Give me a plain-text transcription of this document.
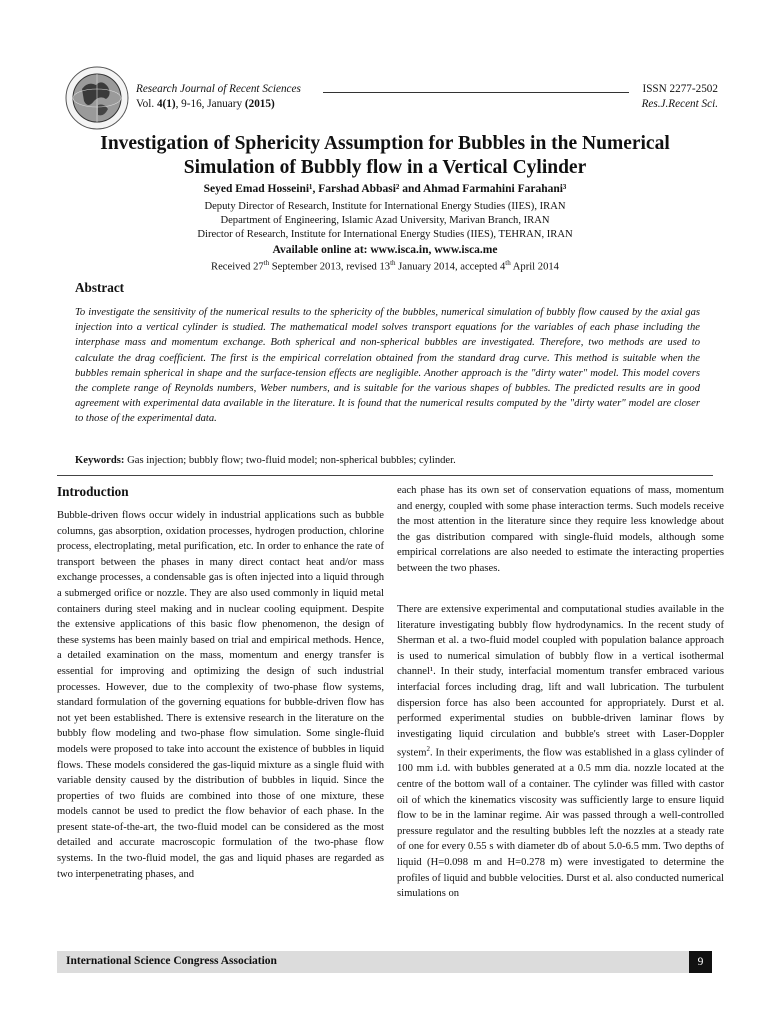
Research Journal of Recent Sciences
Vol. 4(1), 9-16, January (2015)
ISSN 2277-2502
Res.J.Recent Sci.
Investigation of Sphericity Assumption for Bubbles in the Numerical Simulation of Bubbly flow in a Vertical Cylinder
Seyed Emad Hosseini¹, Farshad Abbasi² and Ahmad Farmahini Farahani³
Deputy Director of Research, Institute for International Energy Studies (IIES), IRAN
Department of Engineering, Islamic Azad University, Marivan Branch, IRAN
Director of Research, Institute for International Energy Studies (IIES), TEHRAN, IRAN
Available online at: www.isca.in, www.isca.me
Received 27th September 2013, revised 13th January 2014, accepted 4th April 2014
Abstract
To investigate the sensitivity of the numerical results to the sphericity of the bubbles, numerical simulation of bubbly flow caused by the axial gas injection into a vertical cylinder is studied. The mathematical model solves transport equations for the variables of each phase including the interphase mass and momentum exchange. Both spherical and non-spherical bubbles are investigated. Therefore, two methods are used to calculate the drag coefficient. The first is the empirical correlation obtained from the standard drag curve. This method is suitable when the bubbles remain spherical in shape and the surface-tension effects are negligible. Another approach is the "dirty water" model. This model covers the complete range of Reynolds numbers, Weber numbers, and is suitable for the various shapes of bubbles. The predicted results are in good agreement with experimental data available in the literature. It is found that the numerical results computed by the "dirty water" model are closer to those of the experimental data.
Keywords: Gas injection; bubbly flow; two-fluid model; non-spherical bubbles; cylinder.
Introduction
Bubble-driven flows occur widely in industrial applications such as bubble columns, gas absorption, oxidation processes, hydrogen production, chlorine process, electroplating, metal purification, etc. In order to enhance the rate of transport between the phases in many direct contact heat and/or mass exchange processes, a condensable gas is often injected into a liquid through a submerged orifice or nozzle. They are also used commonly in liquid metal containers during steel making and in nuclear cooling equipment. Despite the extensive applications of this basic flow phenomenon, the design of these systems has been mainly based on trial and empirical methods. Hence, a detailed examination on the mass, momentum and energy transfer is essential for improving and optimizing the design of such industrial processes. However, due to the complexity of two-phase flow systems, standard formulation of the governing equations for bubble-driven flow has not yet been established. There is extensive research in the literature on the bubbly flow modeling and two-phase flow simulation. Some single-fluid models were proposed to take into account the existence of bubbles in liquid flows. These models considered the gas-liquid mixture as a single fluid with variable density caused by the distribution of bubbles in liquid. Since the properties of two fluids are combined into those of one mixture, these models cannot be used to predict the flow behavior of each phase. In the present state-of-the-art, the two-fluid model can be considered as the most detailed and accurate macroscopic formulation of the two-phase flow systems. In the two-fluid model, the gas and liquid phases are regarded as two interpenetrating phases, and
each phase has its own set of conservation equations of mass, momentum and energy, coupled with some phase interaction terms. Such models receive the most attention in the literature since they require less knowledge about the gas distribution compared with single-fluid models, although some empirical correlations are also needed to estimate the interacting properties between the two phases.
There are extensive experimental and computational studies available in the literature investigating bubbly flow hydrodynamics. In the recent study of Sherman et al. a two-fluid model coupled with population balance approach is used to numerical simulation of bubbly flow in a vertical isothermal channel¹. In their study, interfacial momentum transfer embraced various interfacial forces including drag, lift and wall lubrication. The turbulent dispersion force has also been accounted for appropriately. Durst et al. performed experimental studies on bubble-driven laminar flows by investigating liquid circulation and bubble's street with Laser-Doppler system$^2$. In their experiments, the flow was established in a glass cylinder of 100 mm i.d. with bubbles generated at a 0.5 mm dia. nozzle located at the centre of the bottom wall of a container. The cylinder was filled with castor oil of which the kinematics viscosity was sufficiently large to ensure liquid flow to be in the laminar regime. Air was passed through a well-controlled pressure regulator and the resulting bubbles left the nozzles at a steady rate of one for every 0.55 s with diameter db of about 5.0-6.5 mm. Two depths of liquid (H=0.098 m and H=0.278 m) were investigated to determine the profiles of liquid and bubble velocities. Durst et al. also conducted numerical simulations on
International Science Congress Association	9
